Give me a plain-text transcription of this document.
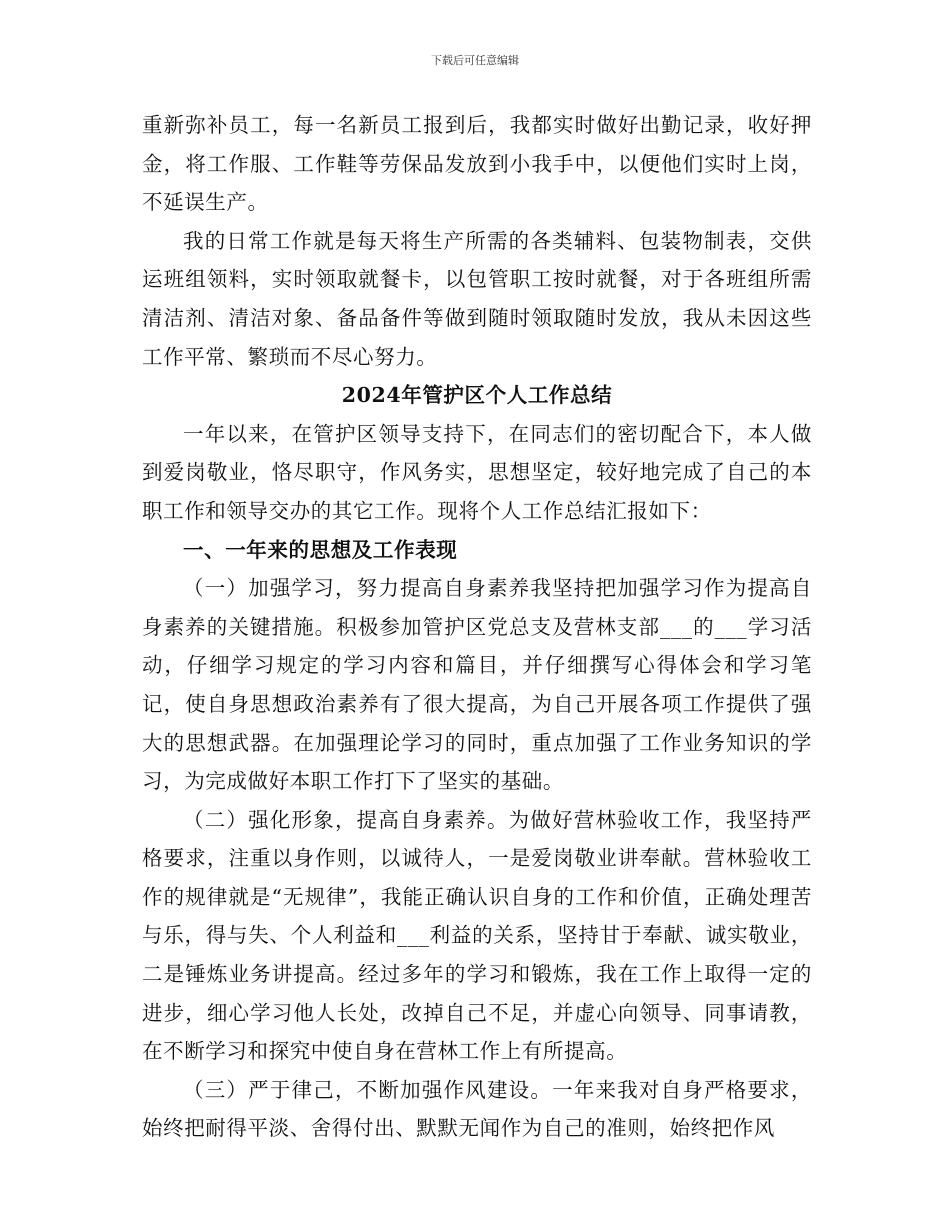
下载后可任意编辑

重新弥补员工，每一名新员工报到后，我都实时做好出勤记录，收好押金，将工作服、工作鞋等劳保品发放到小我手中，以便他们实时上岗，不延误生产。

我的日常工作就是每天将生产所需的各类辅料、包装物制表，交供运班组领料，实时领取就餐卡，以包管职工按时就餐，对于各班组所需清洁剂、清洁对象、备品备件等做到随时领取随时发放，我从未因这些工作平常、繁琐而不尽心努力。

2024年管护区个人工作总结

一年以来，在管护区领导支持下，在同志们的密切配合下，本人做到爱岗敬业，恪尽职守，作风务实，思想坚定，较好地完成了自己的本职工作和领导交办的其它工作。现将个人工作总结汇报如下：

一、一年来的思想及工作表现

（一）加强学习，努力提高自身素养我坚持把加强学习作为提高自身素养的关键措施。积极参加管护区党总支及营林支部___的___学习活动，仔细学习规定的学习内容和篇目，并仔细撰写心得体会和学习笔记，使自身思想政治素养有了很大提高，为自己开展各项工作提供了强大的思想武器。在加强理论学习的同时，重点加强了工作业务知识的学习，为完成做好本职工作打下了坚实的基础。

（二）强化形象，提高自身素养。为做好营林验收工作，我坚持严格要求，注重以身作则，以诚待人，一是爱岗敬业讲奉献。营林验收工作的规律就是“无规律”，我能正确认识自身的工作和价值，正确处理苦与乐，得与失、个人利益和___利益的关系，坚持甘于奉献、诚实敬业，二是锤炼业务讲提高。经过多年的学习和锻炼，我在工作上取得一定的进步，细心学习他人长处，改掉自己不足，并虚心向领导、同事请教，在不断学习和探究中使自身在营林工作上有所提高。

（三）严于律己，不断加强作风建设。一年来我对自身严格要求，始终把耐得平淡、舍得付出、默默无闻作为自己的准则，始终把作风
